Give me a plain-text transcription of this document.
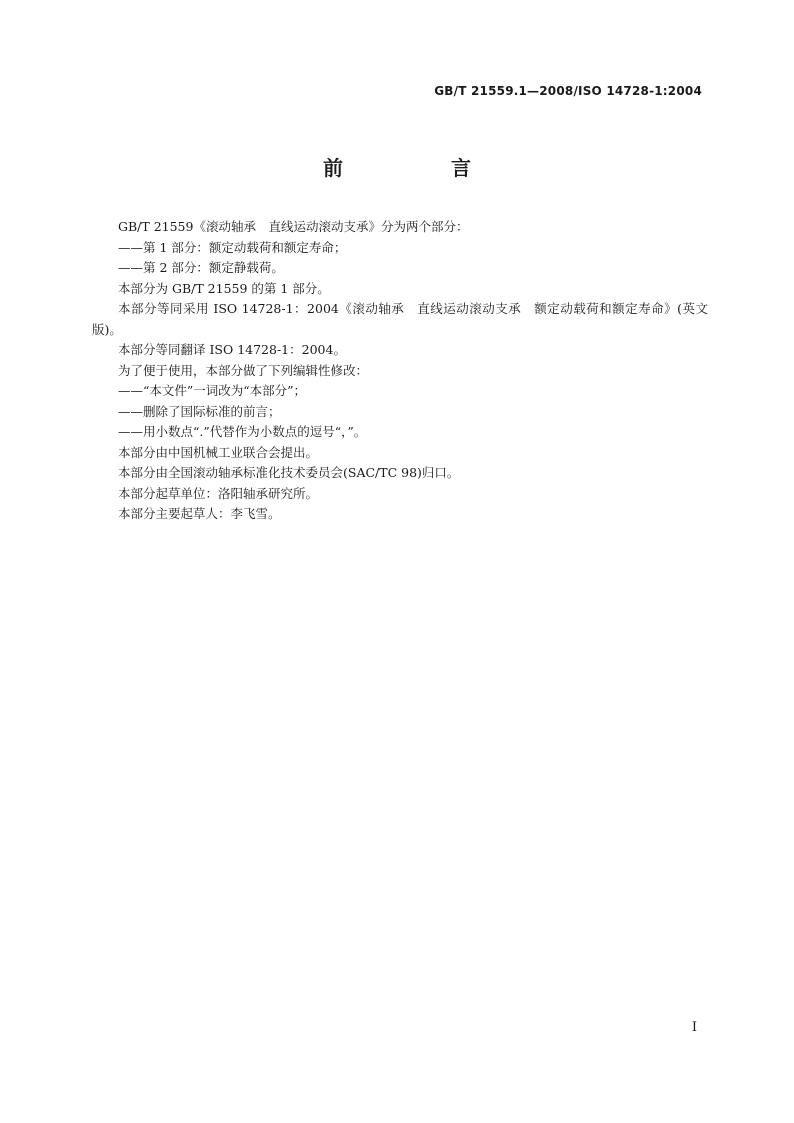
GB/T 21559.1—2008/ISO 14728-1:2004
前　言

GB/T 21559《滚动轴承　直线运动滚动支承》分为两个部分：

——第 1 部分：额定动载荷和额定寿命；

——第 2 部分：额定静载荷。

本部分为 GB/T 21559 的第 1 部分。

本部分等同采用 ISO 14728-1：2004《滚动轴承　直线运动滚动支承　额定动载荷和额定寿命》(英文版)。

本部分等同翻译 ISO 14728-1：2004。

为了便于使用，本部分做了下列编辑性修改：

——“本文件”一词改为“本部分”；

——删除了国际标准的前言；

——用小数点“.”代替作为小数点的逗号“，”。

本部分由中国机械工业联合会提出。

本部分由全国滚动轴承标准化技术委员会(SAC/TC 98)归口。

本部分起草单位：洛阳轴承研究所。

本部分主要起草人：李飞雪。

I
